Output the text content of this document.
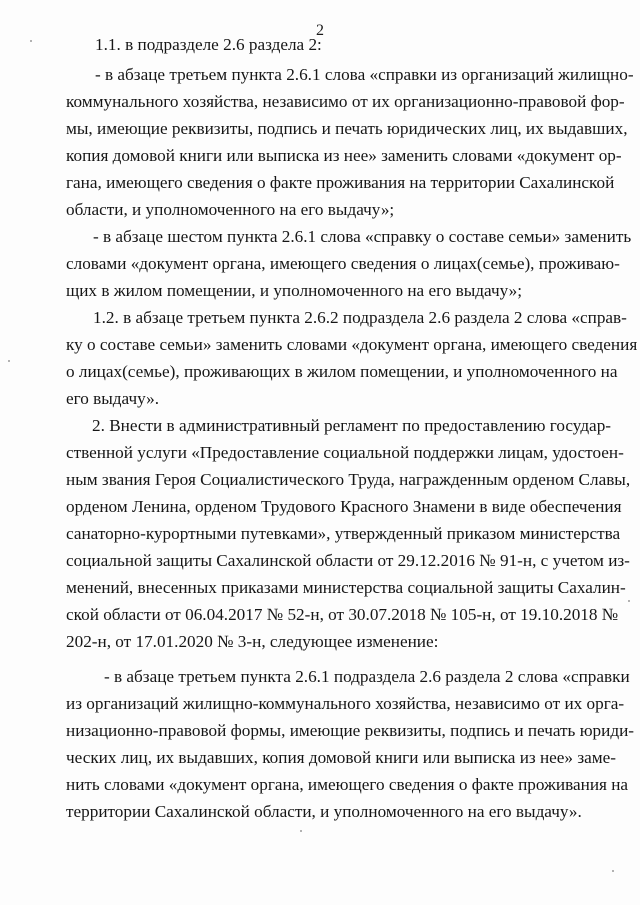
2
1.1. в подразделе 2.6 раздела 2:
- в абзаце третьем пункта 2.6.1 слова «справки из организаций жилищно-
коммунального хозяйства, независимо от их организационно-правовой фор-
мы, имеющие реквизиты, подпись и печать юридических лиц, их выдавших,
копия домовой книги или выписка из нее» заменить словами «документ ор-
гана, имеющего сведения о факте проживания на территории Сахалинской
области, и уполномоченного на его выдачу»;
- в абзаце шестом пункта 2.6.1 слова «справку о составе семьи» заменить
словами «документ органа, имеющего сведения о лицах(семье), проживаю-
щих в жилом помещении, и уполномоченного на его выдачу»;
1.2. в абзаце третьем пункта 2.6.2 подраздела 2.6 раздела 2 слова «справ-
ку о составе семьи» заменить словами «документ органа, имеющего сведения
о лицах(семье), проживающих в жилом помещении, и уполномоченного на
его выдачу».
2. Внести в административный регламент по предоставлению государ-
ственной услуги «Предоставление социальной поддержки лицам, удостоен-
ным звания Героя Социалистического Труда, награжденным орденом Славы,
орденом Ленина, орденом Трудового Красного Знамени в виде обеспечения
санаторно-курортными путевками», утвержденный приказом министерства
социальной защиты Сахалинской области от 29.12.2016 № 91-н, с учетом из-
менений, внесенных приказами министерства социальной защиты Сахалин-
ской области от 06.04.2017 № 52-н, от 30.07.2018 № 105-н, от 19.10.2018 №
202-н, от 17.01.2020 № 3-н, следующее изменение:
- в абзаце третьем пункта 2.6.1 подраздела 2.6 раздела 2 слова «справки
из организаций жилищно-коммунального хозяйства, независимо от их орга-
низационно-правовой формы, имеющие реквизиты, подпись и печать юриди-
ческих лиц, их выдавших, копия домовой книги или выписка из нее» заме-
нить словами «документ органа, имеющего сведения о факте проживания на
территории Сахалинской области, и уполномоченного на его выдачу».
